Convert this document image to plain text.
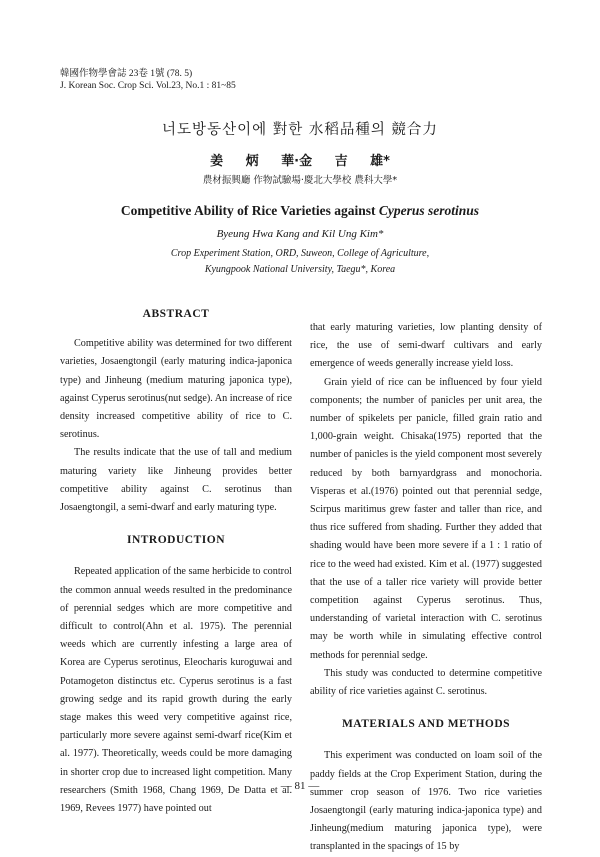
韓國作物學會誌 23卷 1號 (78. 5)
J. Korean Soc. Crop Sci. Vol.23, No.1 : 81~85
너도방동산이에 對한 水稻品種의 競合力
姜 炳 華·金 吉 雄*
農材振興廳 作物試驗場·慶北大學校 農科大學*
Competitive Ability of Rice Varieties against Cyperus serotinus
Byeung Hwa Kang and Kil Ung Kim*
Crop Experiment Station, ORD, Suweon, College of Agriculture,
Kyungpook National University, Taegu*, Korea
ABSTRACT

Competitive ability was determined for two different varieties, Josaengtongil (early maturing indica-japonica type) and Jinheung (medium maturing japonica type), against Cyperus serotinus(nut sedge). An increase of rice density increased competitive ability of rice to C. serotinus.

The results indicate that the use of tall and medium maturing variety like Jinheung provides better competitive ability against C. serotinus than Josaengtongil, a semi-dwarf and early maturing type.

INTRODUCTION

Repeated application of the same herbicide to control the common annual weeds resulted in the predominance of perennial sedges which are more competitive and difficult to control(Ahn et al. 1975). The perennial weeds which are currently infesting a large area of Korea are Cyperus serotinus, Eleocharis kuroguwai and Potamogeton distinctus etc. Cyperus serotinus is a fast growing sedge and its rapid growth during the early stage makes this weed very competitive against rice, particularly more severe against semi-dwarf rice(Kim et al. 1977). Theoretically, weeds could be more damaging in shorter crop due to increased light competition. Many researchers (Smith 1968, Chang 1969, De Datta et al. 1969, Revees 1977) have pointed out

that early maturing varieties, low planting density of rice, the use of semi-dwarf cultivars and early emergence of weeds generally increase yield loss.

Grain yield of rice can be influenced by four yield components; the number of panicles per unit area, the number of spikelets per panicle, filled grain ratio and 1,000-grain weight. Chisaka(1975) reported that the number of panicles is the yield component most severely reduced by both barnyardgrass and monochoria. Visperas et al.(1976) pointed out that perennial sedge, Scirpus maritimus grew faster and taller than rice, and thus rice suffered from shading. Further they added that shading would have been more severe if a 1 : 1 ratio of rice to the weed had existed. Kim et al. (1977) suggested that the use of a taller rice variety will provide better competition against Cyperus serotinus. Thus, understanding of varietal interaction with C. serotinus may be worth while in simulating effective control methods for perennial sedge.

This study was conducted to determine competitive ability of rice varieties against C. serotinus.

MATERIALS AND METHODS

This experiment was conducted on loam soil of the paddy fields at the Crop Experiment Station, during the summer crop season of 1976. Two rice varieties Josaengtongil (early maturing indica-japonica type) and Jinheung(medium maturing japonica type), were transplanted in the spacings of 15 by

— 81 —
